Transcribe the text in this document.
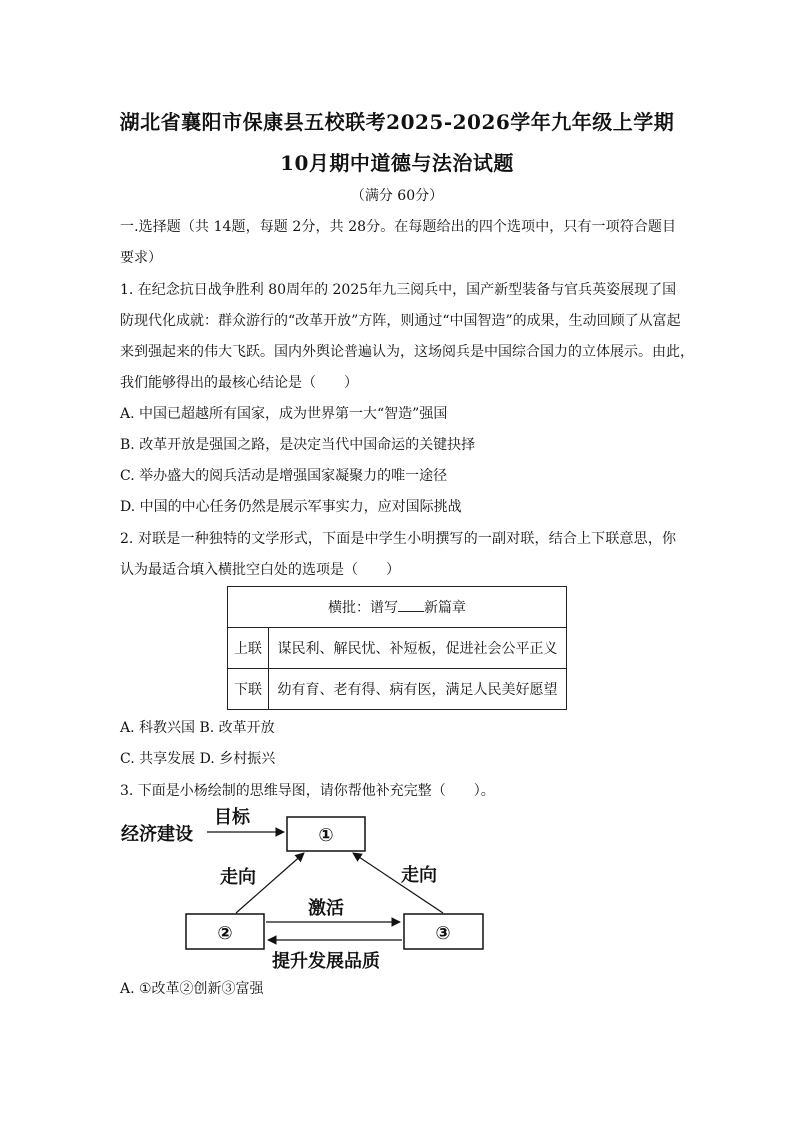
湖北省襄阳市保康县五校联考2025-2026学年九年级上学期
10月期中道德与法治试题
（满分 60分）
一.选择题（共 14题，每题 2分，共 28分。在每题给出的四个选项中，只有一项符合题目
要求）
1. 在纪念抗日战争胜利 80周年的 2025年九三阅兵中，国产新型装备与官兵英姿展现了国
防现代化成就：群众游行的“改革开放”方阵，则通过“中国智造”的成果，生动回顾了从富起
来到强起来的伟大飞跃。国内外舆论普遍认为，这场阅兵是中国综合国力的立体展示。由此，
我们能够得出的最核心结论是（　　）
A. 中国已超越所有国家，成为世界第一大“智造”强国
B. 改革开放是强国之路，是决定当代中国命运的关键抉择
C. 举办盛大的阅兵活动是增强国家凝聚力的唯一途径
D. 中国的中心任务仍然是展示军事实力，应对国际挑战
2. 对联是一种独特的文学形式，下面是中学生小明撰写的一副对联，结合上下联意思，你
认为最适合填入横批空白处的选项是（　　）
横批：谱写 新篇章	
上联	谋民利、解民忧、补短板，促进社会公平正义
下联	幼有育、老有得、病有医，满足人民美好愿望
A. 科教兴国 B. 改革开放
C. 共享发展 D. 乡村振兴
3. 下面是小杨绘制的思维导图，请你帮他补充完整（　　）。
①
②	③
经济建设
目标
走向	走向
激活
提升发展品质
A. ①改革②创新③富强
